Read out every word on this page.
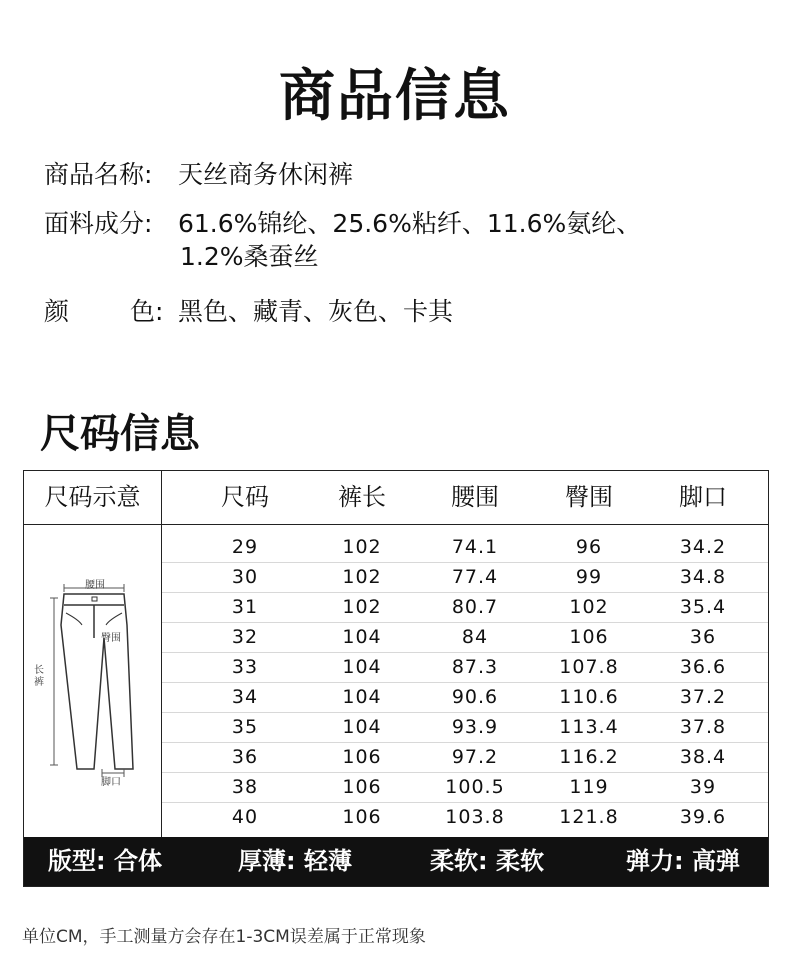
商品信息
商品名称: 天丝商务休闲裤
面料成分: 61.6%锦纶、25.6%粘纤、11.6%氨纶、
1.2%桑蚕丝
颜 色: 黑色、藏青、灰色、卡其
尺码信息
尺码示意	尺码	裤长	腰围	臀围	脚口
腰围
臀围
长裤
脚口
29	102	74.1	96	34.2
30	102	77.4	99	34.8
31	102	80.7	102	35.4
32	104	84	106	36
33	104	87.3	107.8	36.6
34	104	90.6	110.6	37.2
35	104	93.9	113.4	37.8
36	106	97.2	116.2	38.4
38	106	100.5	119	39
40	106	103.8	121.8	39.6
版型: 合体	厚薄: 轻薄	柔软: 柔软	弹力: 高弹
单位CM，手工测量方会存在1-3CM误差属于正常现象
